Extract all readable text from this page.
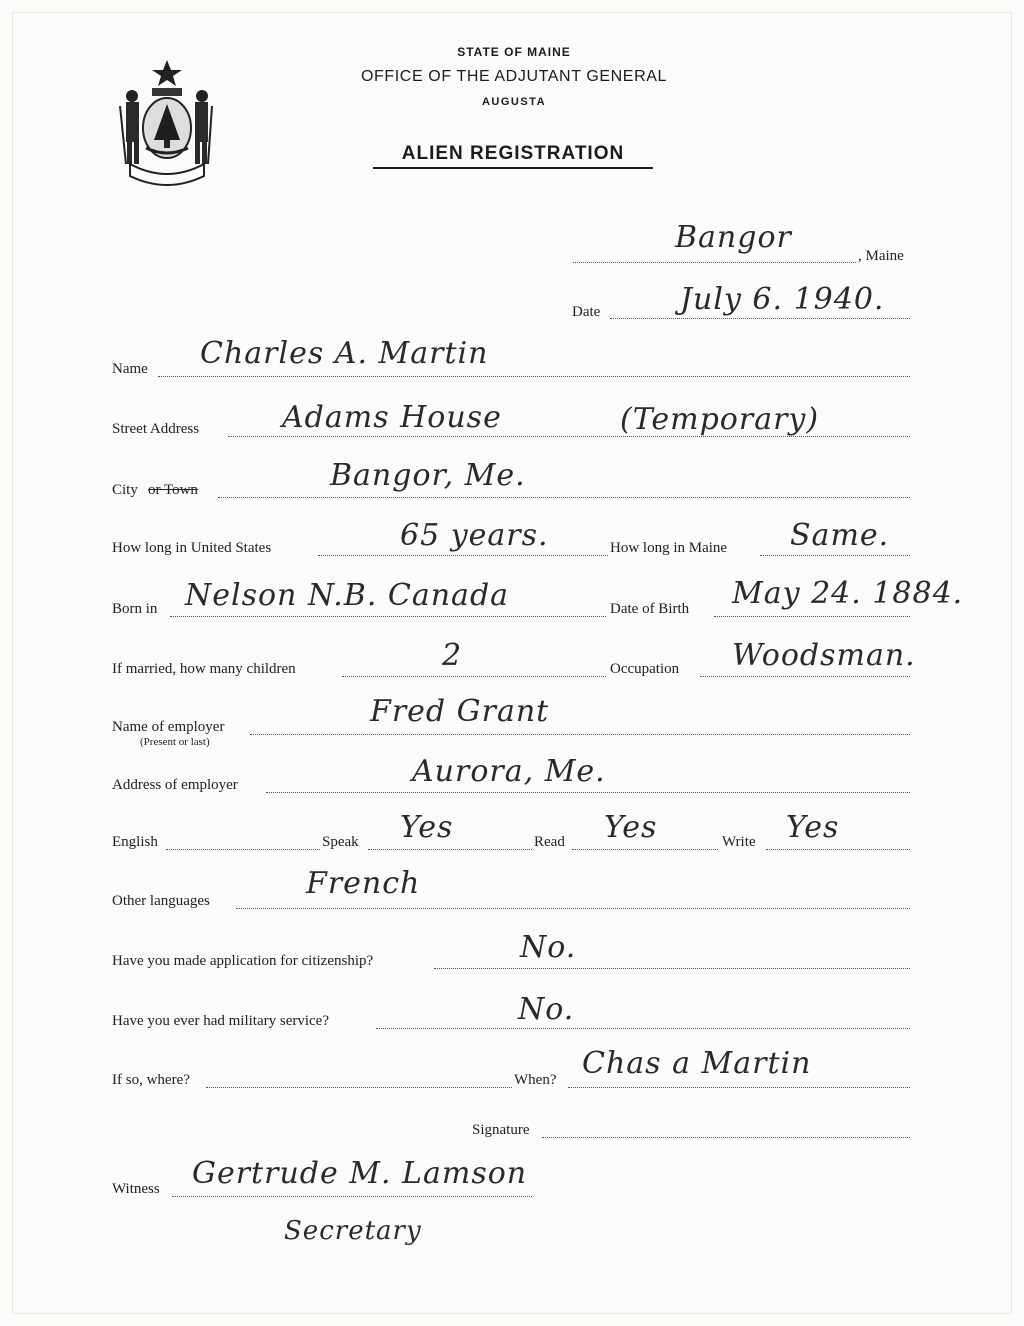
STATE OF MAINE
OFFICE OF THE ADJUTANT GENERAL
AUGUSTA
ALIEN REGISTRATION
Bangor
, Maine
Date	July 6. 1940.
Name Charles A. Martin
Street Address	Adams House	(Temporary)
City or Town	Bangor, Me.
How long in United States	65 years.	How long in Maine Same.
Born in Nelson N.B. Canada	Date of Birth May 24. 1884.
If married, how many children	2	Occupation Woodsman.
Name of employer
(Present or last)
Fred Grant
Address of employer	Aurora, Me.
English	Speak Yes	Read Yes	Write Yes
Other languages	French
Have you made application for citizenship?	No.
Have you ever had military service?	No.
If so, where?	When? Chas a Martin
Signature
Witness Gertrude M. Lamson
Secretary
